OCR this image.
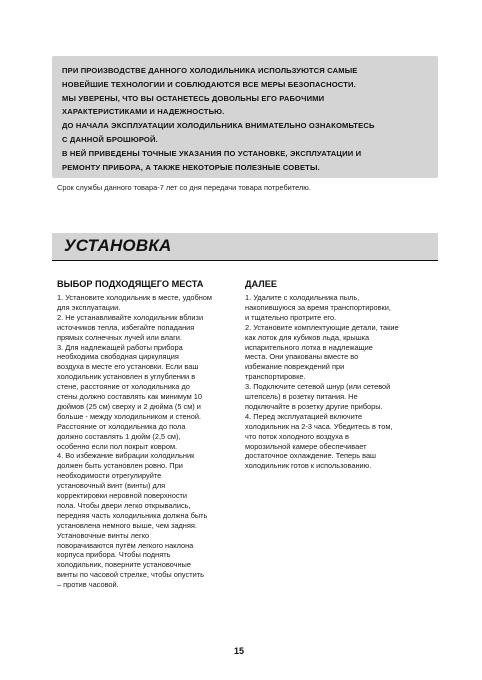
ПРИ ПРОИЗВОДСТВЕ ДАННОГО ХОЛОДИЛЬНИКА ИСПОЛЬЗУЮТСЯ САМЫЕ
НОВЕЙШИЕ ТЕХНОЛОГИИ И СОБЛЮДАЮТСЯ ВСЕ МЕРЫ БЕЗОПАСНОСТИ.
МЫ УВЕРЕНЫ, ЧТО ВЫ ОСТАНЕТЕСЬ ДОВОЛЬНЫ ЕГО РАБОЧИМИ
ХАРАКТЕРИСТИКАМИ И НАДЕЖНОСТЬЮ.
ДО НАЧАЛА ЭКСПЛУАТАЦИИ ХОЛОДИЛЬНИКА ВНИМАТЕЛЬНО ОЗНАКОМЬТЕСЬ
С ДАННОЙ БРОШЮРОЙ.
В НЕЙ ПРИВЕДЕНЫ ТОЧНЫЕ УКАЗАНИЯ ПО УСТАНОВКЕ, ЭКСПЛУАТАЦИИ И
РЕМОНТУ ПРИБОРА, А ТАКЖЕ НЕКОТОРЫЕ ПОЛЕЗНЫЕ СОВЕТЫ.
Срок службы данного товара-7 лет со дня передачи товара потребителю.
УСТАНОВКА
ВЫБОР ПОДХОДЯЩЕГО МЕСТА
1. Установите холодильник в месте, удобном
для эксплуатации.
2. Не устанавливайте холодильник вблизи
источников тепла, избегайте попадания
прямых солнечных лучей или влаги.
3. Для надлежащей работы прибора
необходима свободная циркуляция
воздуха в месте его установки. Если ваш
холодильник установлен в углублении в
стене, расстояние от холодильника до
стены должно составлять как минимум 10
дюймов (25 см) сверху и 2 дюйма (5 см) и
больше - между холодильником и стеной.
Расстояние от холодильника до пола
должно составлять 1 дюйм (2,5 см),
особенно если пол покрыт ковром.
4. Во избежание вибрации холодильник
должен быть установлен ровно. При
необходимости отрегулируйте
установочный винт (винты) для
корректировки неровной поверхности
пола. Чтобы двери легко открывались,
передняя часть холодильника должна быть
установлена немного выше, чем задняя.
Установочные винты легко
поворачиваются путём легкого наклона
корпуса прибора. Чтобы поднять
холодильник, поверните установочные
винты по часовой стрелке, чтобы опустить
– против часовой.
ДАЛЕЕ
1. Удалите с холодильника пыль,
накопившуюся за время транспортировки,
и тщательно протрите его.
2. Установите комплектующие детали, такие
как лоток для кубиков льда, крышка
испарительного лотка в надлежащие
места. Они упакованы вместе во
избежание повреждений при
транспортировке.
3. Подключите сетевой шнур (или сетевой
штепсель) в розетку питания. Не
подключайте в розетку другие приборы.
4. Перед эксплуатацией включите
холодильник на 2-3 часа. Убедитесь в том,
что поток холодного воздуха в
морозильной камере обеспечивает
достаточное охлаждение. Теперь ваш
холодильник готов к использованию.
15
